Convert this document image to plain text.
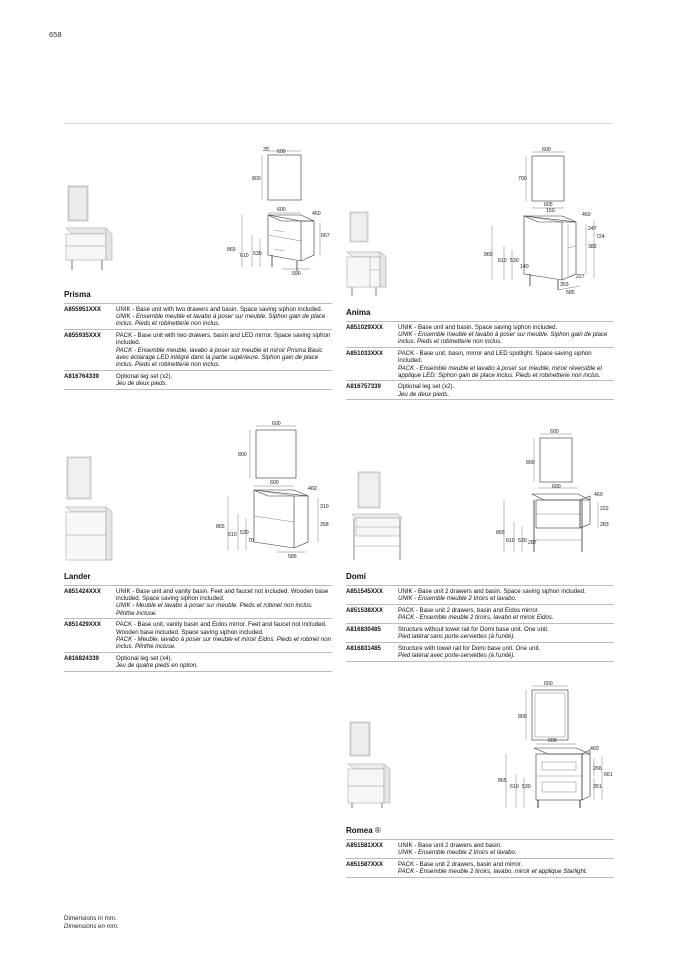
658
35 600
800
600
460
667
865
610 530
590
Prisma
A855951XXX	UNIK - Base unit with two drawers and basin. Space saving siphon included.
UNIK - Ensemble meuble et lavabo à poser sur meuble. Siphon gain de place inclus. Pieds et robinetterie non inclus.
A855935XXX	PACK - Base unit with two drawers, basin and LED mirror. Space saving siphon included.
PACK - Ensemble meuble, lavabo à poser sur meuble et miroir Prisma Basic avec éclairage LED intégré dans la partie supérieure. Siphon gain de place inclus. Pieds et robinetterie non inclus.
A816764339	Optional leg set (x2).
Jeu de deux pieds.
600
700
605
150
460
247
724
382
865
610 530
140
227
353
585
Anima
A851029XXX	UNIK - Base unit and basin. Space saving siphon included.
UNIK - Ensemble meuble et lavabo à poser sur meuble. Siphon gain de place inclus. Pieds et robinetterie non inclus.
A851033XXX	PACK - Base unit, basin, mirror and LED spotlight. Space saving siphon included.
PACK - Ensemble meuble et lavabo à poser sur meuble, miroir réversible et applique LED. Siphon gain de place inclus. Pieds et robinetterie non inclus.
A816757339	Optional leg set (x2).
Jeu de deux pieds.
600
800
600
460
310
358
865
610 530
70
586
Lander
A851424XXX	UNIK - Base unit and vanity basin. Feet and faucet not included. Wooden base included. Space saving siphon included.
UNIK - Meuble et lavabo à poser sur meuble. Pieds et robinet non inclus. Plinthe incluse.
A851429XXX	PACK - Base unit, vanity basin and Eidos mirror. Feet and faucet not included. Wooden base included. Space saving siphon included.
PACK - Meuble, lavabo à poser sur meuble et miroir Eidos. Pieds et robinet non inclus. Plinthe incluse.
A816824339	Optional leg set (x4).
Jeu de quatre pieds en option.
600
800
600
460
222
283
865
610 530 287
Domi
A851545XXX	UNIK - Base unit 2 drawers and basin. Space saving siphon included.
UNIK - Ensemble meuble 2 tiroirs et lavabo.
A851538XXX	PACK - Base unit 2 drawers, basin and Eidos mirror.
PACK - Ensemble meuble 2 tiroirs, lavabo et miroir Eidos.
A816830485	Structure without towel rail for Domi base unit. One unit.
Pied latéral sans porte-serviettes (à l'unité).
A816831485	Structure with towel rail for Domi base unit. One unit.
Pied latéral avec porte-serviettes (à l'unité).
600
800
600
460
266
661
351
865
610 530
Romea ®
A851581XXX	UNIK - Base unit 2 drawers and basin.
UNIK - Ensemble meuble 2 tiroirs et lavabo.
A851587XXX	PACK - Base unit 2 drawers, basin and mirror.
PACK - Ensemble meuble 2 tiroirs, lavabo, miroir et applique Starlight.
Dimensions in mm.
Dimensions en mm.
